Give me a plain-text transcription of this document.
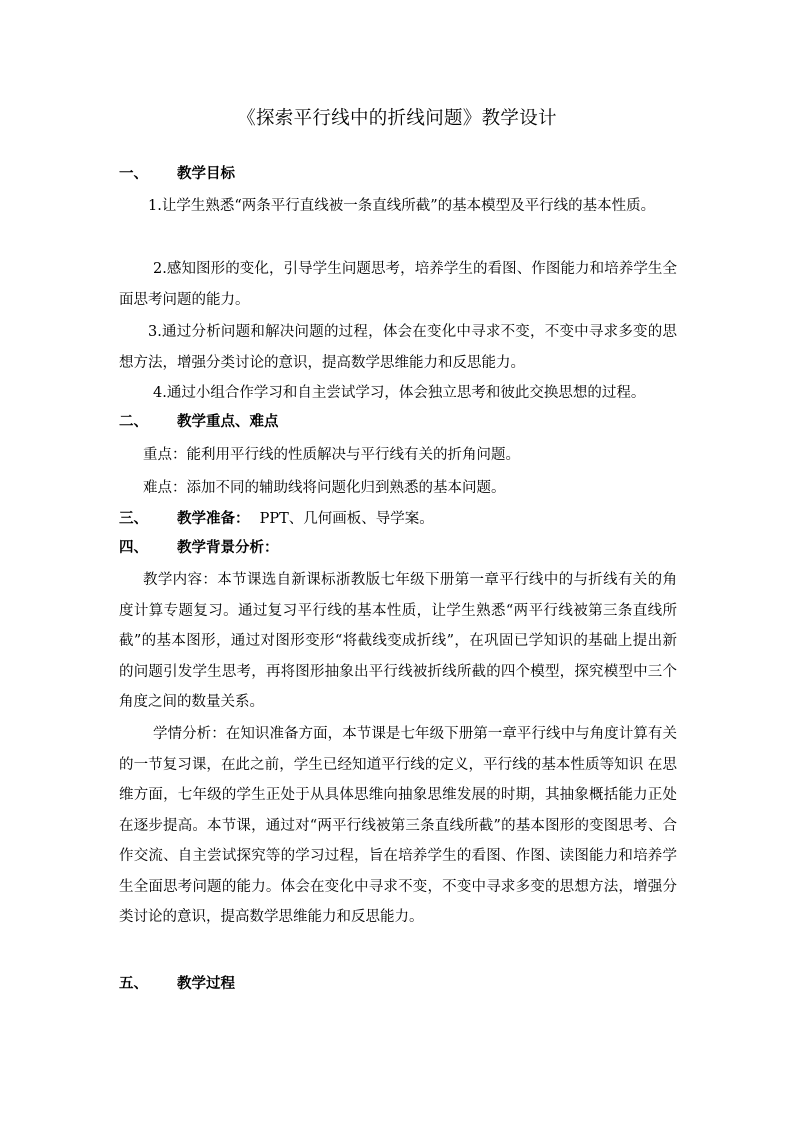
《探索平行线中的折线问题》教学设计
一、 教学目标
1.让学生熟悉“两条平行直线被一条直线所截”的基本模型及平行线的基本性质。
2.感知图形的变化，引导学生问题思考，培养学生的看图、作图能力和培养学生全面思考问题的能力。
3.通过分析问题和解决问题的过程，体会在变化中寻求不变，不变中寻求多变的思想方法，增强分类讨论的意识，提高数学思维能力和反思能力。
4.通过小组合作学习和自主尝试学习，体会独立思考和彼此交换思想的过程。
二、 教学重点、难点
重点：能利用平行线的性质解决与平行线有关的折角问题。
难点：添加不同的辅助线将问题化归到熟悉的基本问题。
三、 教学准备： PPT、几何画板、导学案。
四、 教学背景分析：
教学内容：本节课选自新课标浙教版七年级下册第一章平行线中的与折线有关的角度计算专题复习。通过复习平行线的基本性质，让学生熟悉“两平行线被第三条直线所截”的基本图形，通过对图形变形“将截线变成折线”，在巩固已学知识的基础上提出新的问题引发学生思考，再将图形抽象出平行线被折线所截的四个模型，探究模型中三个角度之间的数量关系。
学情分析：在知识准备方面，本节课是七年级下册第一章平行线中与角度计算有关的一节复习课，在此之前，学生已经知道平行线的定义，平行线的基本性质等知识 在思维方面，七年级的学生正处于从具体思维向抽象思维发展的时期，其抽象概括能力正处在逐步提高。本节课，通过对“两平行线被第三条直线所截”的基本图形的变图思考、合作交流、自主尝试探究等的学习过程，旨在培养学生的看图、作图、读图能力和培养学生全面思考问题的能力。体会在变化中寻求不变，不变中寻求多变的思想方法，增强分类讨论的意识，提高数学思维能力和反思能力。
五、 教学过程
